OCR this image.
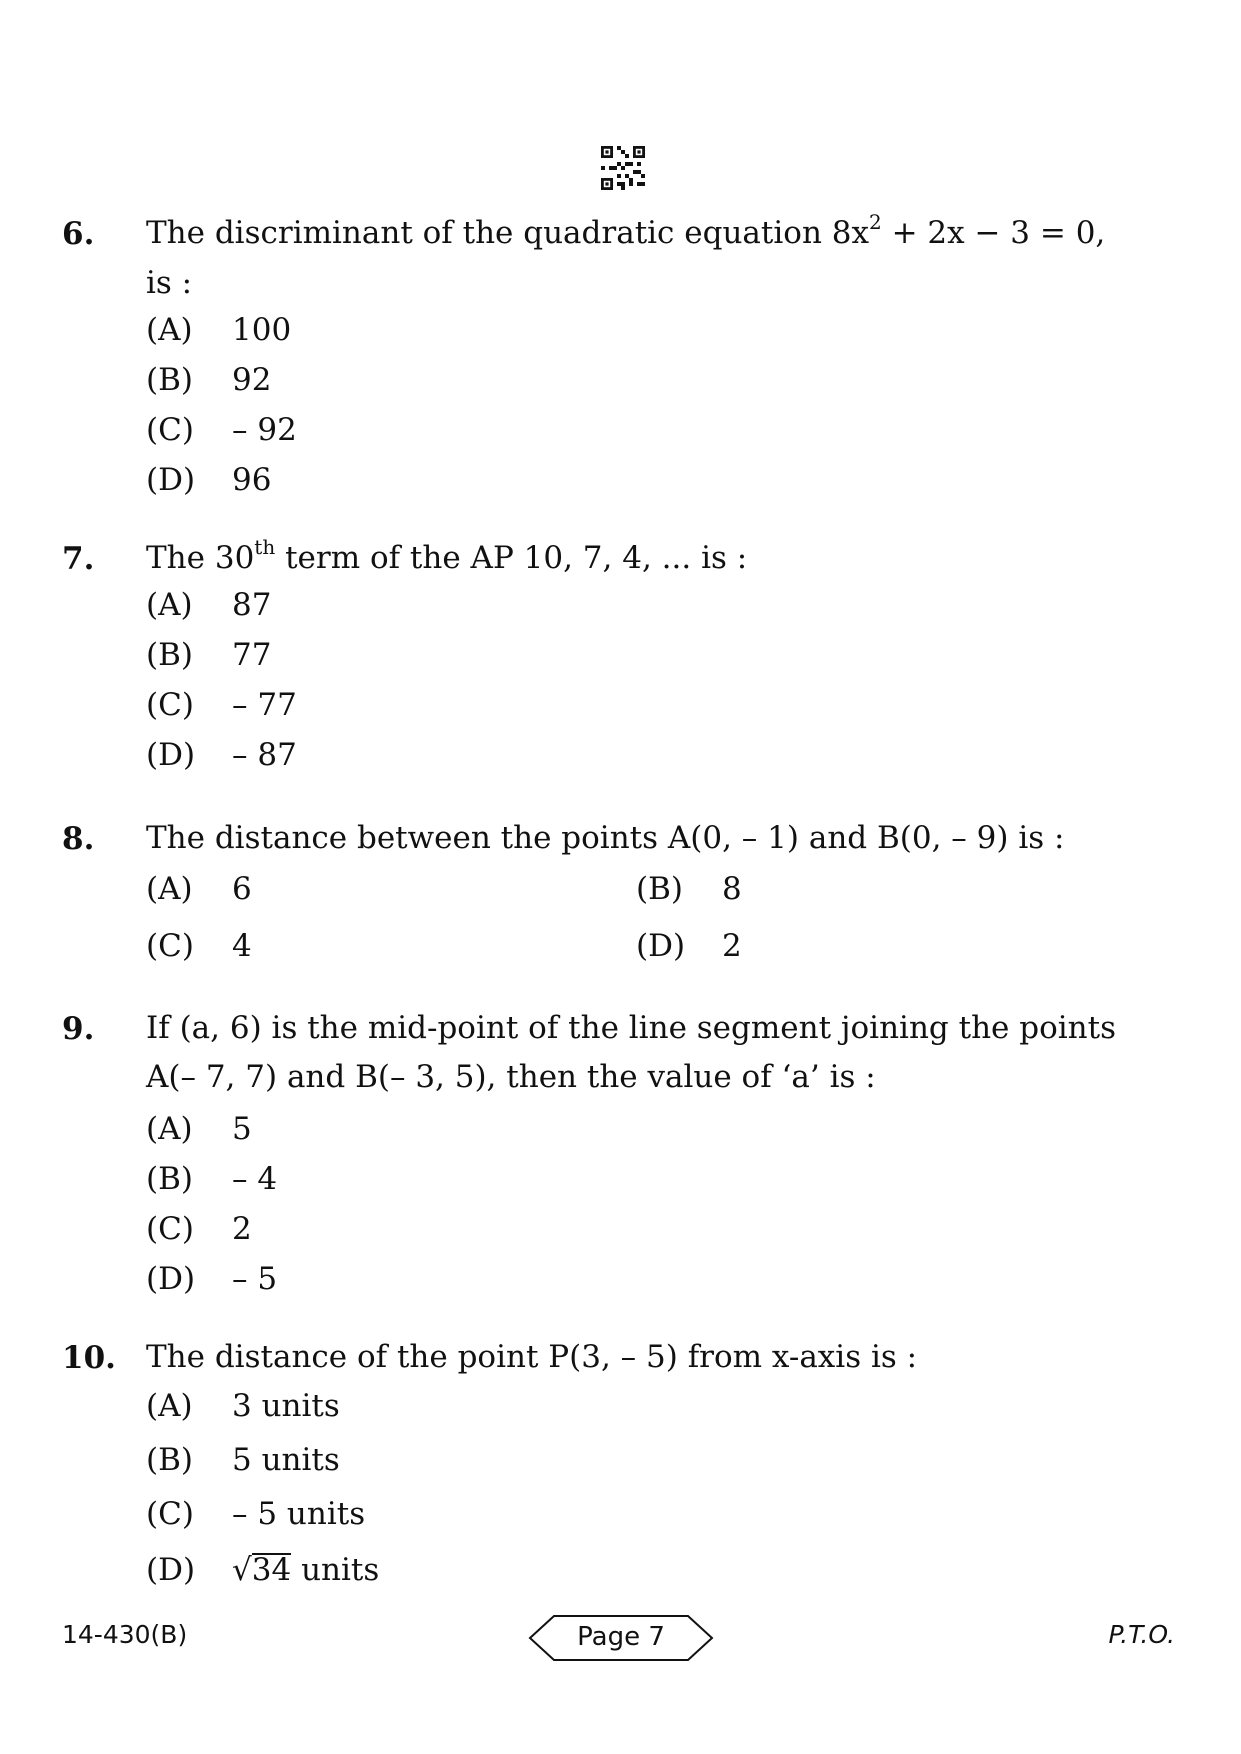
6. The discriminant of the quadratic equation $8x^2 + 2x - 3 = 0$,
is :
(A) 100
(B) 92
(C) – 92
(D) 96
7. The 30th term of the AP 10, 7, 4, ... is :
(A) 87
(B) 77
(C) – 77
(D) – 87
8. The distance between the points A(0, – 1) and B(0, – 9) is :
(A) 6	(B) 8
(C) 4	(D) 2
9. If (a, 6) is the mid-point of the line segment joining the points
A(– 7, 7) and B(– 3, 5), then the value of ‘a’ is :
(A) 5
(B) – 4
(C) 2
(D) – 5
10. The distance of the point P(3, – 5) from x-axis is :
(A) 3 units
(B) 5 units
(C) – 5 units
(D) √34 units
14-430(B)	Page 7	P.T.O.
